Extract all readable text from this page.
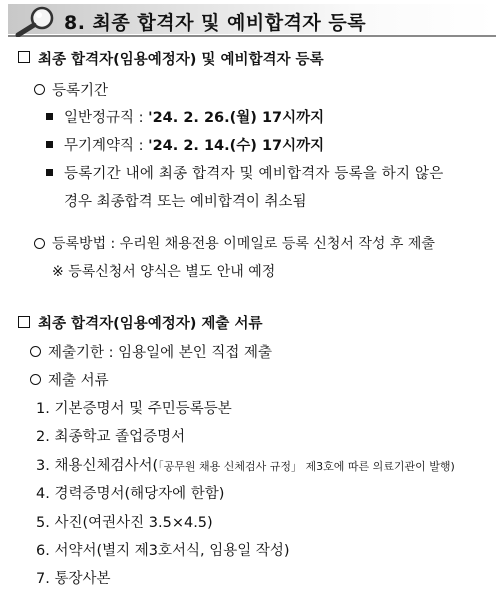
8. 최종 합격자 및 예비합격자 등록
최종 합격자(임용예정자) 및 예비합격자 등록
등록기간
일반정규직 : '24. 2. 26.(월) 17시까지
무기계약직 : '24. 2. 14.(수) 17시까지
등록기간 내에 최종 합격자 및 예비합격자 등록을 하지 않은
경우 최종합격 또는 예비합격이 취소됨
등록방법 : 우리원 채용전용 이메일로 등록 신청서 작성 후 제출
※ 등록신청서 양식은 별도 안내 예정
최종 합격자(임용예정자) 제출 서류
제출기한 : 임용일에 본인 직접 제출
제출 서류
1. 기본증명서 및 주민등록등본
2. 최종학교 졸업증명서
3. 채용신체검사서(「공무원 채용 신체검사 규정」 제3호에 따른 의료기관이 발행)
4. 경력증명서(해당자에 한함)
5. 사진(여권사진 3.5×4.5)
6. 서약서(별지 제3호서식, 임용일 작성)
7. 통장사본
